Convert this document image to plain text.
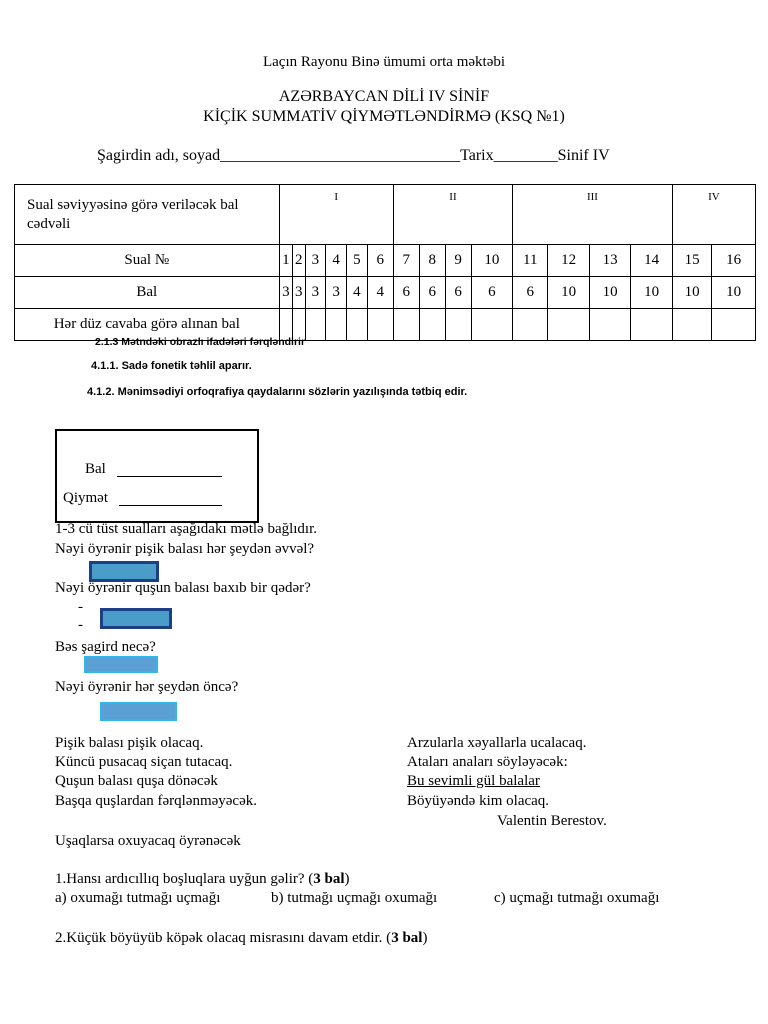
Laçın Rayonu Binə ümumi orta məktəbi
AZƏRBAYCAN DİLİ IV SİNİF
KİÇİK SUMMATİV QİYMƏTLƏNDİRMƏ (KSQ №1)
Şagirdin adı, soyad______________________________Tarix________Sinif IV
Sual səviyyəsinə görə veriləcək bal cədvəli	I						II				III				IV	
Sual №	1	2	3	4	5	6	7	8	9	10	11	12	13	14	15	16
Bal	3	3	3	3	4	4	6	6	6	6	6	10	10	10	10	10
Hər düz cavaba görə alınan bal																
2.1.3 Mətndəki obrazlı ifadələri fərqləndirir
4.1.1. Sadə fonetik təhlil aparır.
4.1.2. Mənimsədiyi orfoqrafiya qaydalarını sözlərin yazılışında tətbiq edir.
Bal
Qiymət
1-3 cü tüst sualları aşağıdakı mətlə bağlıdır.
Nəyi öyrənir pişik balası hər şeydən əvvəl?
Nəyi öyrənir quşun balası baxıb bir qədər?
-
-
Bəs şagird necə?
Nəyi öyrənir hər şeydən öncə?
Pişik balası pişik olacaq.
Küncü pusacaq siçan tutacaq.
Quşun balası quşa dönəcək
Başqa quşlardan fərqlənməyəcək.
Arzularla xəyallarla ucalacaq.
Ataları anaları söyləyəcək:
Bu sevimli gül balalar
Böyüyəndə kim olacaq.
Valentin Berestov.
Uşaqlarsa oxuyacaq öyrənəcək
1.Hansı ardıcıllıq boşluqlara uyğun gəlir? (3 bal)
a) oxumağı tutmağı uçmağı	b) tutmağı uçmağı oxumağı	c) uçmağı tutmağı oxumağı
2.Küçük böyüyüb köpək olacaq misrasını davam etdir. (3 bal)
